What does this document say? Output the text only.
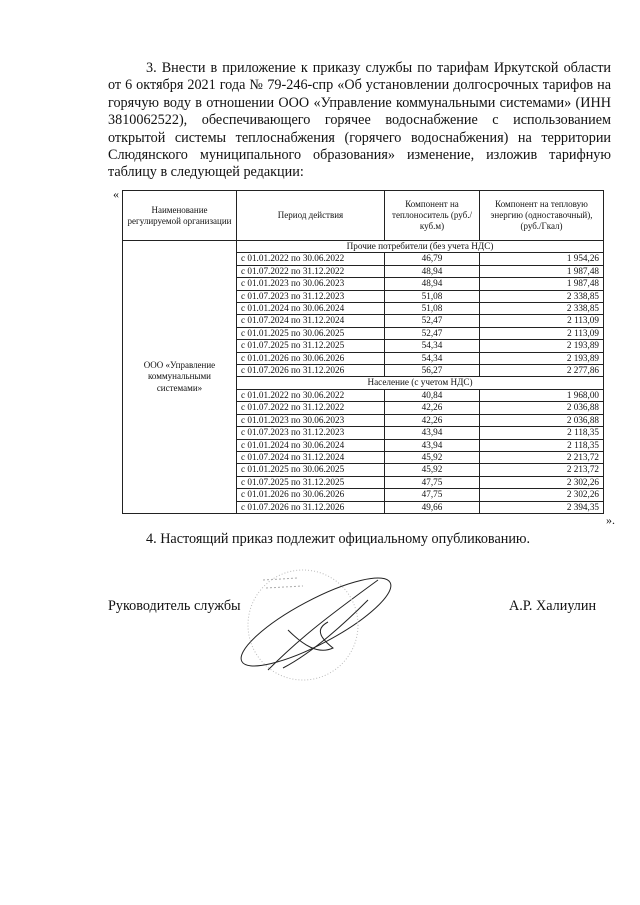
3. Внести в приложение к приказу службы по тарифам Иркутской области от 6 октября 2021 года № 79-246-спр «Об установлении долгосрочных тарифов на горячую воду в отношении ООО «Управление коммунальными системами» (ИНН 3810062522), обеспечивающего горячее водоснабжение с использованием открытой системы теплоснабжения (горячего водоснабжения) на территории Слюдянского муниципального образования» изменение, изложив тарифную таблицу в следующей редакции:
«
Наименование регулируемой организации	Период действия	Компонент на теплоноситель (руб./куб.м)	Компонент на тепловую энергию (одноставочный), (руб./Гкал)
ООО «Управление коммунальными системами»	Прочие потребители (без учета НДС)		
	с 01.01.2022 по 30.06.2022	46,79	1 954,26
	с 01.07.2022 по 31.12.2022	48,94	1 987,48
	с 01.01.2023 по 30.06.2023	48,94	1 987,48
	с 01.07.2023 по 31.12.2023	51,08	2 338,85
	с 01.01.2024 по 30.06.2024	51,08	2 338,85
	с 01.07.2024 по 31.12.2024	52,47	2 113,09
	с 01.01.2025 по 30.06.2025	52,47	2 113,09
	с 01.07.2025 по 31.12.2025	54,34	2 193,89
	с 01.01.2026 по 30.06.2026	54,34	2 193,89
	с 01.07.2026 по 31.12.2026	56,27	2 277,86
	Население (с учетом НДС)		
	с 01.01.2022 по 30.06.2022	40,84	1 968,00
	с 01.07.2022 по 31.12.2022	42,26	2 036,88
	с 01.01.2023 по 30.06.2023	42,26	2 036,88
	с 01.07.2023 по 31.12.2023	43,94	2 118,35
	с 01.01.2024 по 30.06.2024	43,94	2 118,35
	с 01.07.2024 по 31.12.2024	45,92	2 213,72
	с 01.01.2025 по 30.06.2025	45,92	2 213,72
	с 01.07.2025 по 31.12.2025	47,75	2 302,26
	с 01.01.2026 по 30.06.2026	47,75	2 302,26
	с 01.07.2026 по 31.12.2026	49,66	2 394,35
».
4. Настоящий приказ подлежит официальному опубликованию.
Руководитель службы	А.Р. Халиулин
